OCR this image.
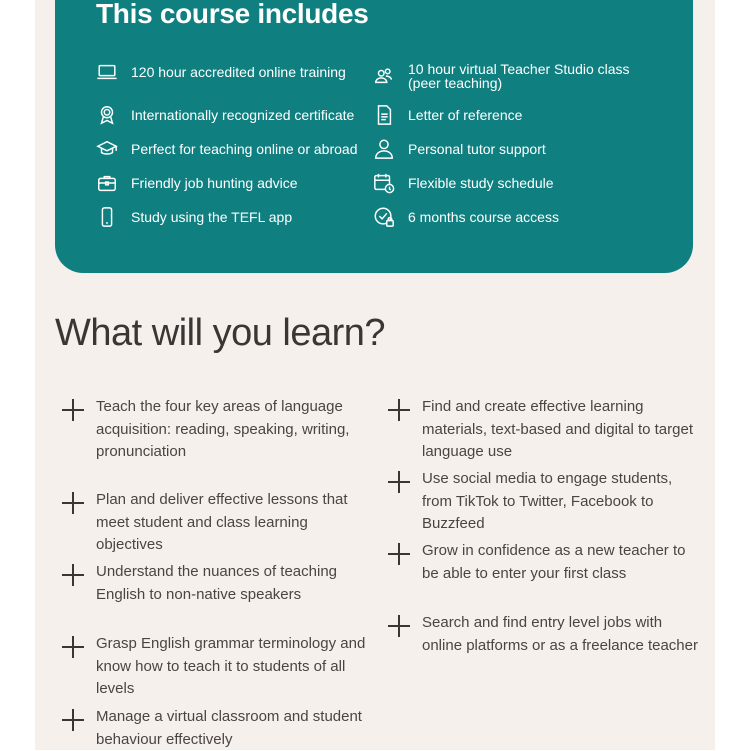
This course includes
120 hour accredited online training
Internationally recognized certificate
Perfect for teaching online or abroad
Friendly job hunting advice
Study using the TEFL app
10 hour virtual Teacher Studio class (peer teaching)
Letter of reference
Personal tutor support
Flexible study schedule
6 months course access
What will you learn?
Teach the four key areas of language acquisition: reading, speaking, writing, pronunciation
Plan and deliver effective lessons that meet student and class learning objectives
Understand the nuances of teaching English to non-native speakers
Grasp English grammar terminology and know how to teach it to students of all levels
Manage a virtual classroom and student behaviour effectively
Find and create effective learning materials, text-based and digital to target language use
Use social media to engage students, from TikTok to Twitter, Facebook to Buzzfeed
Grow in confidence as a new teacher to be able to enter your first class
Search and find entry level jobs with online platforms or as a freelance teacher
